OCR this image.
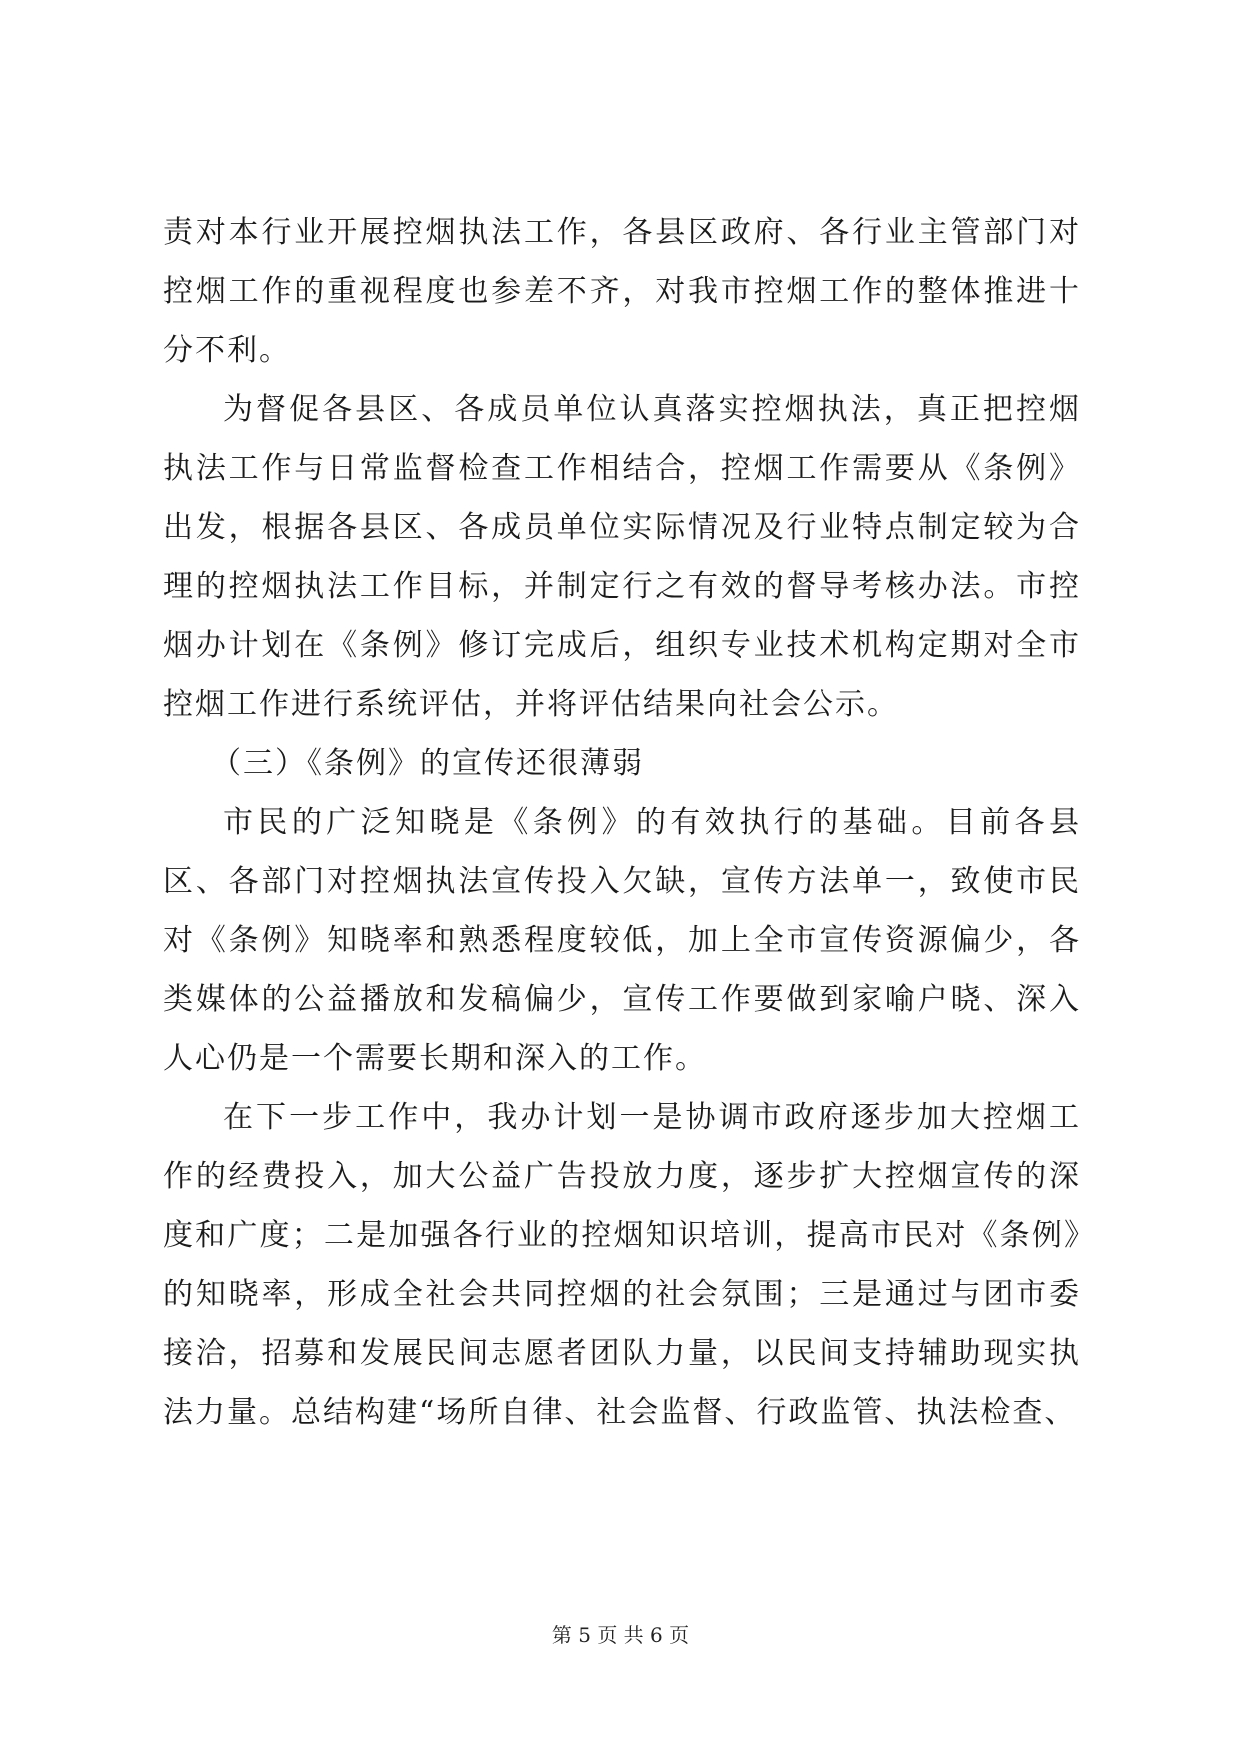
责对本行业开展控烟执法工作，各县区政府、各行业主管部门对控烟工作的重视程度也参差不齐，对我市控烟工作的整体推进十分不利。

为督促各县区、各成员单位认真落实控烟执法，真正把控烟执法工作与日常监督检查工作相结合，控烟工作需要从《条例》出发，根据各县区、各成员单位实际情况及行业特点制定较为合理的控烟执法工作目标，并制定行之有效的督导考核办法。市控烟办计划在《条例》修订完成后，组织专业技术机构定期对全市控烟工作进行系统评估，并将评估结果向社会公示。

（三）《条例》的宣传还很薄弱

市民的广泛知晓是《条例》的有效执行的基础。目前各县区、各部门对控烟执法宣传投入欠缺，宣传方法单一，致使市民对《条例》知晓率和熟悉程度较低，加上全市宣传资源偏少，各类媒体的公益播放和发稿偏少，宣传工作要做到家喻户晓、深入人心仍是一个需要长期和深入的工作。

在下一步工作中，我办计划一是协调市政府逐步加大控烟工作的经费投入，加大公益广告投放力度，逐步扩大控烟宣传的深度和广度；二是加强各行业的控烟知识培训，提高市民对《条例》的知晓率，形成全社会共同控烟的社会氛围；三是通过与团市委接洽，招募和发展民间志愿者团队力量，以民间支持辅助现实执法力量。总结构建“场所自律、社会监督、行政监管、执法检查、

第 5 页 共 6 页
